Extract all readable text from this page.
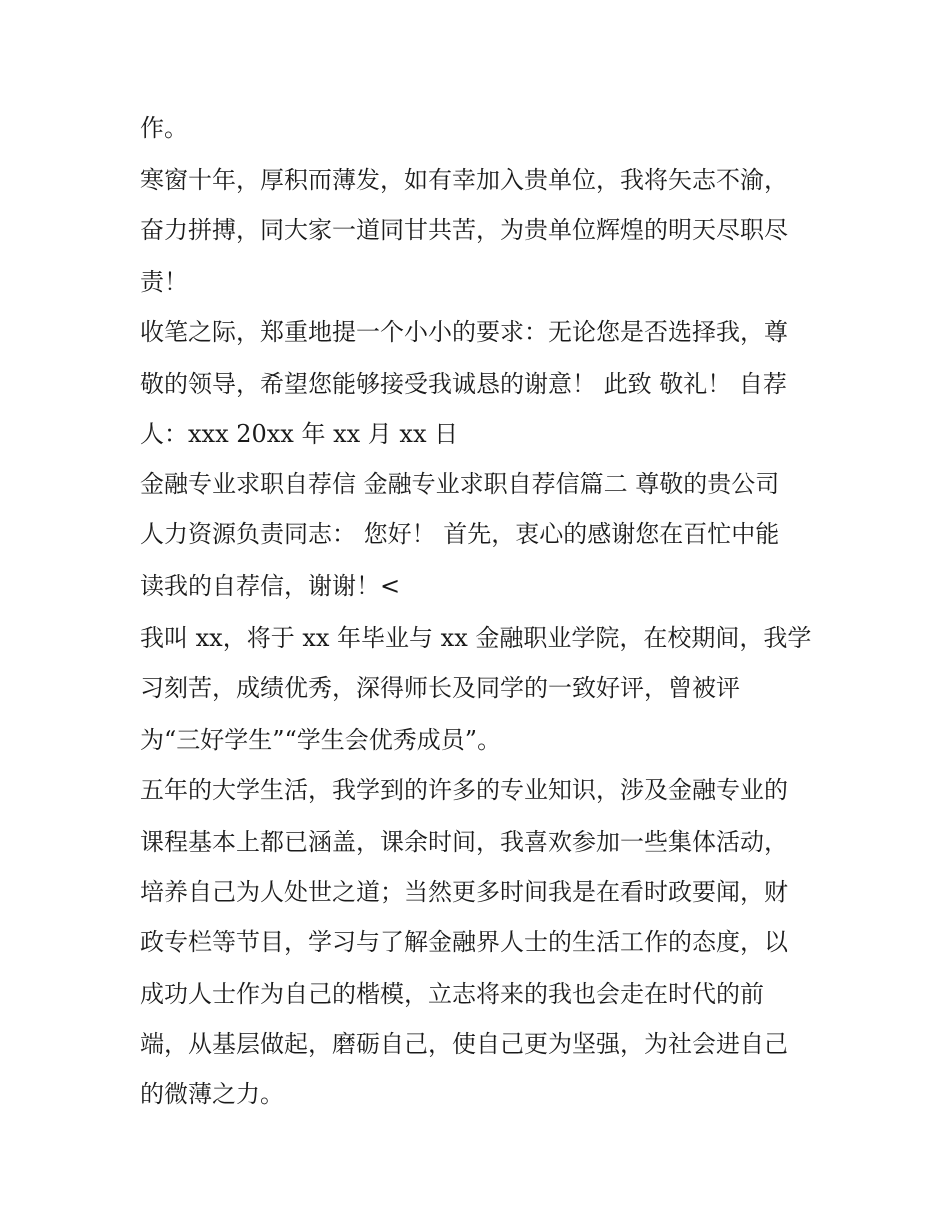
作。

寒窗十年，厚积而薄发，如有幸加入贵单位，我将矢志不渝，

奋力拼搏，同大家一道同甘共苦，为贵单位辉煌的明天尽职尽

责！

收笔之际，郑重地提一个小小的要求：无论您是否选择我，尊

敬的领导，希望您能够接受我诚恳的谢意！ 此致 敬礼！ 自荐

人：xxx 20xx 年 xx 月 xx 日

金融专业求职自荐信 金融专业求职自荐信篇二 尊敬的贵公司

人力资源负责同志： 您好！ 首先，衷心的感谢您在百忙中能

读我的自荐信，谢谢！<

我叫 xx，将于 xx 年毕业与 xx 金融职业学院，在校期间，我学

习刻苦，成绩优秀，深得师长及同学的一致好评，曾被评

为“三好学生”“学生会优秀成员”。

五年的大学生活，我学到的许多的专业知识，涉及金融专业的

课程基本上都已涵盖，课余时间，我喜欢参加一些集体活动，

培养自己为人处世之道；当然更多时间我是在看时政要闻，财

政专栏等节目，学习与了解金融界人士的生活工作的态度，以

成功人士作为自己的楷模，立志将来的我也会走在时代的前

端，从基层做起，磨砺自己，使自己更为坚强，为社会进自己

的微薄之力。
